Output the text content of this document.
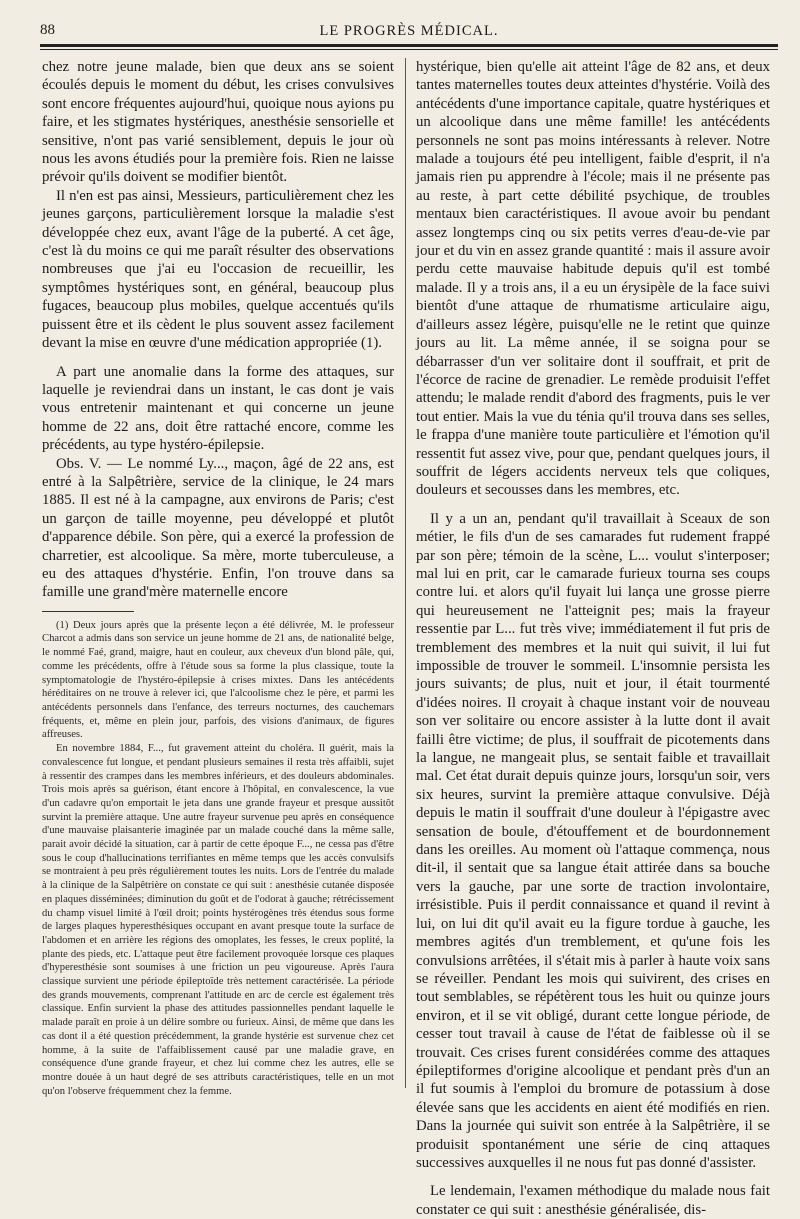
88	LE PROGRÈS MÉDICAL.

chez notre jeune malade, bien que deux ans se soient écoulés depuis le moment du début, les crises convulsives sont encore fréquentes aujourd'hui, quoique nous ayions pu faire, et les stigmates hystériques, anesthésie sensorielle et sensitive, n'ont pas varié sensiblement, depuis le jour où nous les avons étudiés pour la première fois. Rien ne laisse prévoir qu'ils doivent se modifier bientôt.

Il n'en est pas ainsi, Messieurs, particulièrement chez les jeunes garçons, particulièrement lorsque la maladie s'est développée chez eux, avant l'âge de la puberté. A cet âge, c'est là du moins ce qui me paraît résulter des observations nombreuses que j'ai eu l'occasion de recueillir, les symptômes hystériques sont, en général, beaucoup plus fugaces, beaucoup plus mobiles, quelque accentués qu'ils puissent être et ils cèdent le plus souvent assez facilement devant la mise en œuvre d'une médication appropriée (1).

A part une anomalie dans la forme des attaques, sur laquelle je reviendrai dans un instant, le cas dont je vais vous entretenir maintenant et qui concerne un jeune homme de 22 ans, doit être rattaché encore, comme les précédents, au type hystéro-épilepsie.

Obs. V. — Le nommé Ly..., maçon, âgé de 22 ans, est entré à la Salpêtrière, service de la clinique, le 24 mars 1885. Il est né à la campagne, aux environs de Paris; c'est un garçon de taille moyenne, peu développé et plutôt d'apparence débile. Son père, qui a exercé la profession de charretier, est alcoolique. Sa mère, morte tuberculeuse, a eu des attaques d'hystérie. Enfin, l'on trouve dans sa famille une grand'mère maternelle encore

(1) Deux jours après que la présente leçon a été délivrée, M. le professeur Charcot a admis dans son service un jeune homme de 21 ans, de nationalité belge, le nommé Faé, grand, maigre, haut en couleur, aux cheveux d'un blond pâle, qui, comme les précédents, offre à l'étude sous sa forme la plus classique, toute la symptomatologie de l'hystéro-épilepsie à crises mixtes. Dans les antécédents héréditaires on ne trouve à relever ici, que l'alcoolisme chez le père, et parmi les antécédents personnels dans l'enfance, des terreurs nocturnes, des cauchemars fréquents, et, même en plein jour, parfois, des visions d'animaux, de figures affreuses.

En novembre 1884, F..., fut gravement atteint du choléra. Il guérit, mais la convalescence fut longue, et pendant plusieurs semaines il resta très affaibli, sujet à ressentir des crampes dans les membres inférieurs, et des douleurs abdominales. Trois mois après sa guérison, étant encore à l'hôpital, en convalescence, la vue d'un cadavre qu'on emportait le jeta dans une grande frayeur et presque aussitôt survint la première attaque. Une autre frayeur survenue peu après en conséquence d'une mauvaise plaisanterie imaginée par un malade couché dans la même salle, parait avoir décidé la situation, car à partir de cette époque F..., ne cessa pas d'être sous le coup d'hallucinations terrifiantes en même temps que les accès convulsifs se montraient à peu près régulièrement toutes les nuits. Lors de l'entrée du malade à la clinique de la Salpêtrière on constate ce qui suit : anesthésie cutanée disposée en plaques disséminées; diminution du goût et de l'odorat à gauche; rétrécissement du champ visuel limité à l'œil droit; points hystérogènes très étendus sous forme de larges plaques hyperesthésiques occupant en avant presque toute la surface de l'abdomen et en arrière les régions des omoplates, les fesses, le creux poplité, la plante des pieds, etc. L'attaque peut être facilement provoquée lorsque ces plaques d'hyperesthésie sont soumises à une friction un peu vigoureuse. Après l'aura classique survient une période épileptoïde très nettement caractérisée. La période des grands mouvements, comprenant l'attitude en arc de cercle est également très classique. Enfin survient la phase des attitudes passionnelles pendant laquelle le malade paraît en proie à un délire sombre ou furieux. Ainsi, de même que dans les cas dont il a été question précédemment, la grande hystérie est survenue chez cet homme, à la suite de l'affaiblissement causé par une maladie grave, en conséquence d'une grande frayeur, et chez lui comme chez les autres, elle se montre douée à un haut degré de ses attributs caractéristiques, telle en un mot qu'on l'observe fréquemment chez la femme.

hystérique, bien qu'elle ait atteint l'âge de 82 ans, et deux tantes maternelles toutes deux atteintes d'hystérie. Voilà des antécédents d'une importance capitale, quatre hystériques et un alcoolique dans une même famille! les antécédents personnels ne sont pas moins intéressants à relever. Notre malade a toujours été peu intelligent, faible d'esprit, il n'a jamais rien pu apprendre à l'école; mais il ne présente pas au reste, à part cette débilité psychique, de troubles mentaux bien caractéristiques. Il avoue avoir bu pendant assez longtemps cinq ou six petits verres d'eau-de-vie par jour et du vin en assez grande quantité : mais il assure avoir perdu cette mauvaise habitude depuis qu'il est tombé malade. Il y a trois ans, il a eu un érysipèle de la face suivi bientôt d'une attaque de rhumatisme articulaire aigu, d'ailleurs assez légère, puisqu'elle ne le retint que quinze jours au lit. La même année, il se soigna pour se débarrasser d'un ver solitaire dont il souffrait, et prit de l'écorce de racine de grenadier. Le remède produisit l'effet attendu; le malade rendit d'abord des fragments, puis le ver tout entier. Mais la vue du ténia qu'il trouva dans ses selles, le frappa d'une manière toute particulière et l'émotion qu'il ressentit fut assez vive, pour que, pendant quelques jours, il souffrit de légers accidents nerveux tels que coliques, douleurs et secousses dans les membres, etc.

Il y a un an, pendant qu'il travaillait à Sceaux de son métier, le fils d'un de ses camarades fut rudement frappé par son père; témoin de la scène, L... voulut s'interposer; mal lui en prit, car le camarade furieux tourna ses coups contre lui. et alors qu'il fuyait lui lança une grosse pierre qui heureusement ne l'atteignit pes; mais la frayeur ressentie par L... fut très vive; immédiatement il fut pris de tremblement des membres et la nuit qui suivit, il lui fut impossible de trouver le sommeil. L'insomnie persista les jours suivants; de plus, nuit et jour, il était tourmenté d'idées noires. Il croyait à chaque instant voir de nouveau son ver solitaire ou encore assister à la lutte dont il avait failli être victime; de plus, il souffrait de picotements dans la langue, ne mangeait plus, se sentait faible et travaillait mal. Cet état durait depuis quinze jours, lorsqu'un soir, vers six heures, survint la première attaque convulsive. Déjà depuis le matin il souffrait d'une douleur à l'épigastre avec sensation de boule, d'étouffement et de bourdonnement dans les oreilles. Au moment où l'attaque commença, nous dit-il, il sentait que sa langue était attirée dans sa bouche vers la gauche, par une sorte de traction involontaire, irrésistible. Puis il perdit connaissance et quand il revint à lui, on lui dit qu'il avait eu la figure tordue à gauche, les membres agités d'un tremblement, et qu'une fois les convulsions arrêtées, il s'était mis à parler à haute voix sans se réveiller. Pendant les mois qui suivirent, des crises en tout semblables, se répétèrent tous les huit ou quinze jours environ, et il se vit obligé, durant cette longue période, de cesser tout travail à cause de l'état de faiblesse où il se trouvait. Ces crises furent considérées comme des attaques épileptiformes d'origine alcoolique et pendant près d'un an il fut soumis à l'emploi du bromure de potassium à dose élevée sans que les accidents en aient été modifiés en rien. Dans la journée qui suivit son entrée à la Salpêtrière, il se produisit spontanément une série de cinq attaques successives auxquelles il ne nous fut pas donné d'assister.

Le lendemain, l'examen méthodique du malade nous fait constater ce qui suit : anesthésie généralisée, dis-
